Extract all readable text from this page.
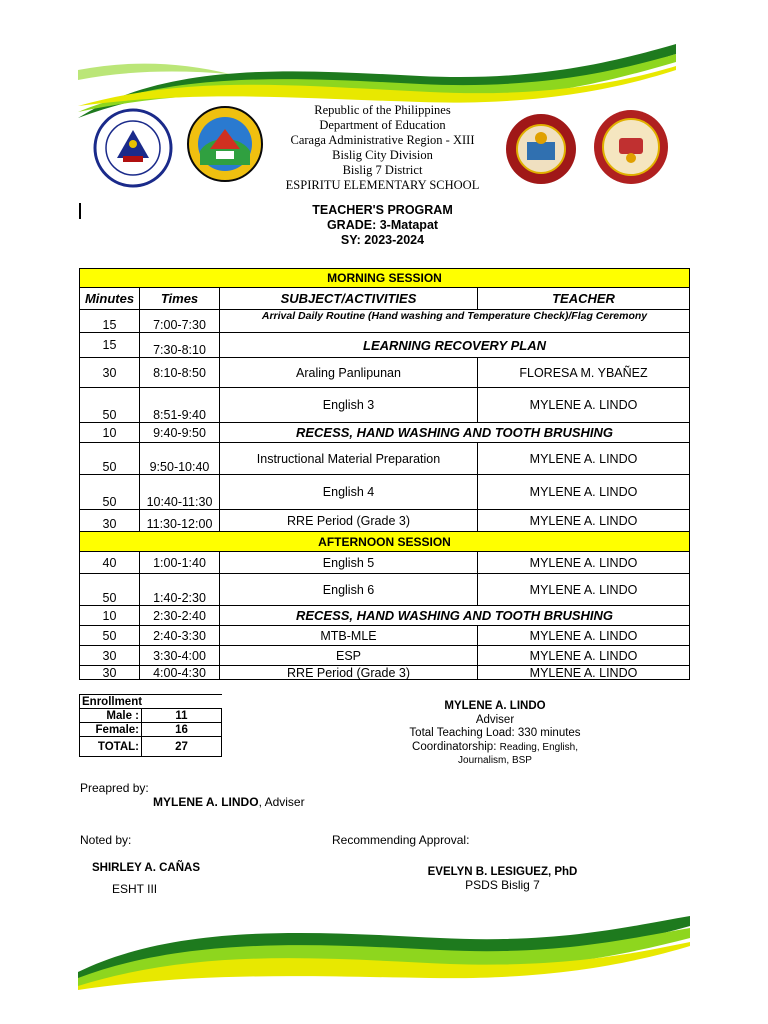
Republic of the Philippines
Department of Education
Caraga Administrative Region - XIII
Bislig City Division
Bislig 7 District
ESPIRITU ELEMENTARY SCHOOL
TEACHER'S PROGRAM
GRADE: 3-Matapat
SY: 2023-2024
MORNING SESSION			
Minutes	Times	SUBJECT/ACTIVITIES	TEACHER
15	7:00-7:30	Arrival Daily Routine (Hand washing and Temperature Check)/Flag Ceremony	
15	7:30-8:10	LEARNING RECOVERY PLAN	
30	8:10-8:50	Araling Panlipunan	FLORESA M. YBAÑEZ
50	8:51-9:40	English 3	MYLENE A. LINDO
10	9:40-9:50	RECESS, HAND WASHING AND TOOTH BRUSHING	
50	9:50-10:40	Instructional Material Preparation	MYLENE A. LINDO
50	10:40-11:30	English 4	MYLENE A. LINDO
30	11:30-12:00	RRE Period (Grade 3)	MYLENE A. LINDO
AFTERNOON SESSION			
40	1:00-1:40	English 5	MYLENE A. LINDO
50	1:40-2:30	English 6	MYLENE A. LINDO
10	2:30-2:40	RECESS, HAND WASHING AND TOOTH BRUSHING	
50	2:40-3:30	MTB-MLE	MYLENE A. LINDO
30	3:30-4:00	ESP	MYLENE A. LINDO
30	4:00-4:30	RRE Period (Grade 3)	MYLENE A. LINDO
Enrollment	
Male :	11
Female:	16
TOTAL:	27
MYLENE A. LINDO
Adviser
Total Teaching Load: 330 minutes
Coordinatorship: Reading, English,
Journalism, BSP
Preapred by:
MYLENE A. LINDO, Adviser
Noted by:	Recommending Approval:
SHIRLEY A. CAÑAS
ESHT III
EVELYN B. LESIGUEZ, PhD
PSDS Bislig 7
